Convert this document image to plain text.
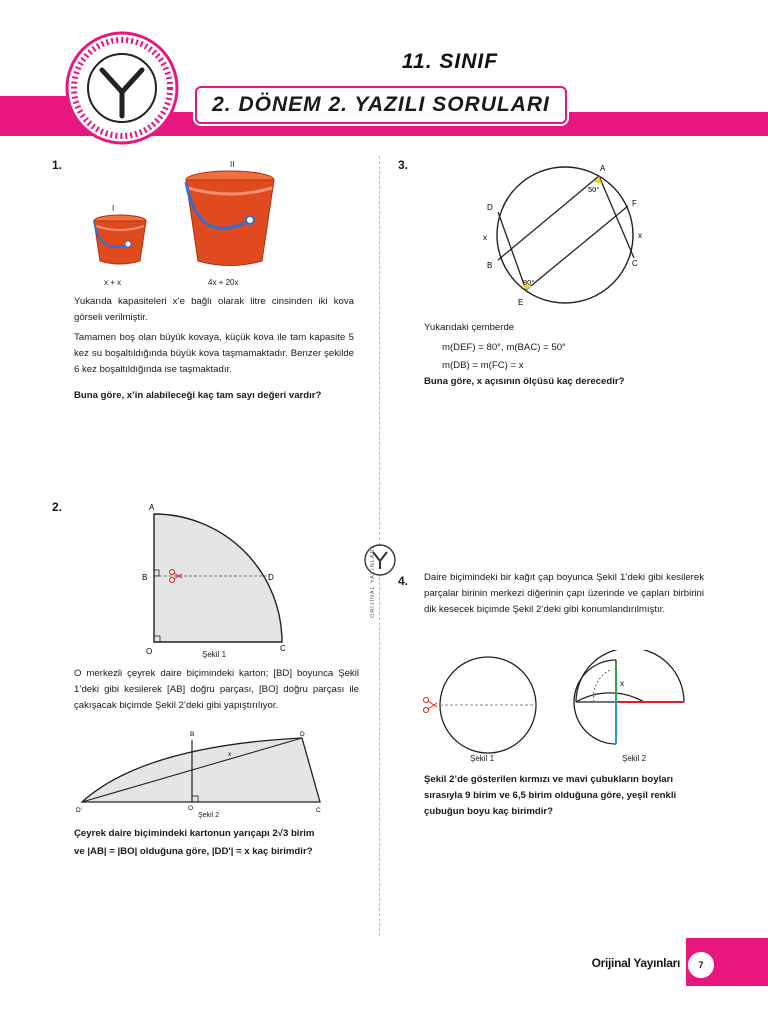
11. SINIF
2. DÖNEM 2. YAZILI SORULARI
1.
I
II
x + x	4x + 20x
Yukarıda kapasiteleri x’e bağlı olarak litre cinsinden iki kova görseli verilmiştir.
Tamamen boş olan büyük kovaya, küçük kova ile tam kapasite 5 kez su boşaltıldığında büyük kova taşmamaktadır. Benzer şekilde 6 kez boşaltıldığında ise taşmaktadır.
Buna göre, x’in alabileceği kaç tam sayı değeri vardır?
3.	A
50°
D	F
x	x
B	C
80°
E
Yukarıdaki çemberde
m(DEF) = 80°, m(BAC) = 50°
m(DB) = m(FC) = x
Buna göre, x açısının ölçüsü kaç derecedir?
2.	A
B	D
O	C
Şekil 1
O merkezli çeyrek daire biçimindeki karton; [BD] boyunca Şekil 1’deki gibi kesilerek [AB] doğru parçası, [BO] doğru parçası ile çakışacak biçimde Şekil 2’deki gibi yapıştırılıyor.
B	D
x
D'	O	C
Şekil 2
Çeyrek daire biçimindeki kartonun yarıçapı 2√3 birim
ve |AB| = |BO| olduğuna göre, |DD'| = x kaç birimdir?
ORİJİNAL YAYINLARI	4. Daire biçimindeki bir kağıt çap boyunca Şekil 1’deki gibi kesilerek parçalar birinin merkezi diğerinin çapı üzerinde ve çapları birbirini dik kesecek biçimde Şekil 2’deki gibi konumlandırılmıştır.
x
Şekil 1	Şekil 2
Şekil 2’de gösterilen kırmızı ve mavi çubukların boyları sırasıyla 9 birim ve 6,5 birim olduğuna göre, yeşil renkli çubuğun boyu kaç birimdir?
Orijinal Yayınları	7
